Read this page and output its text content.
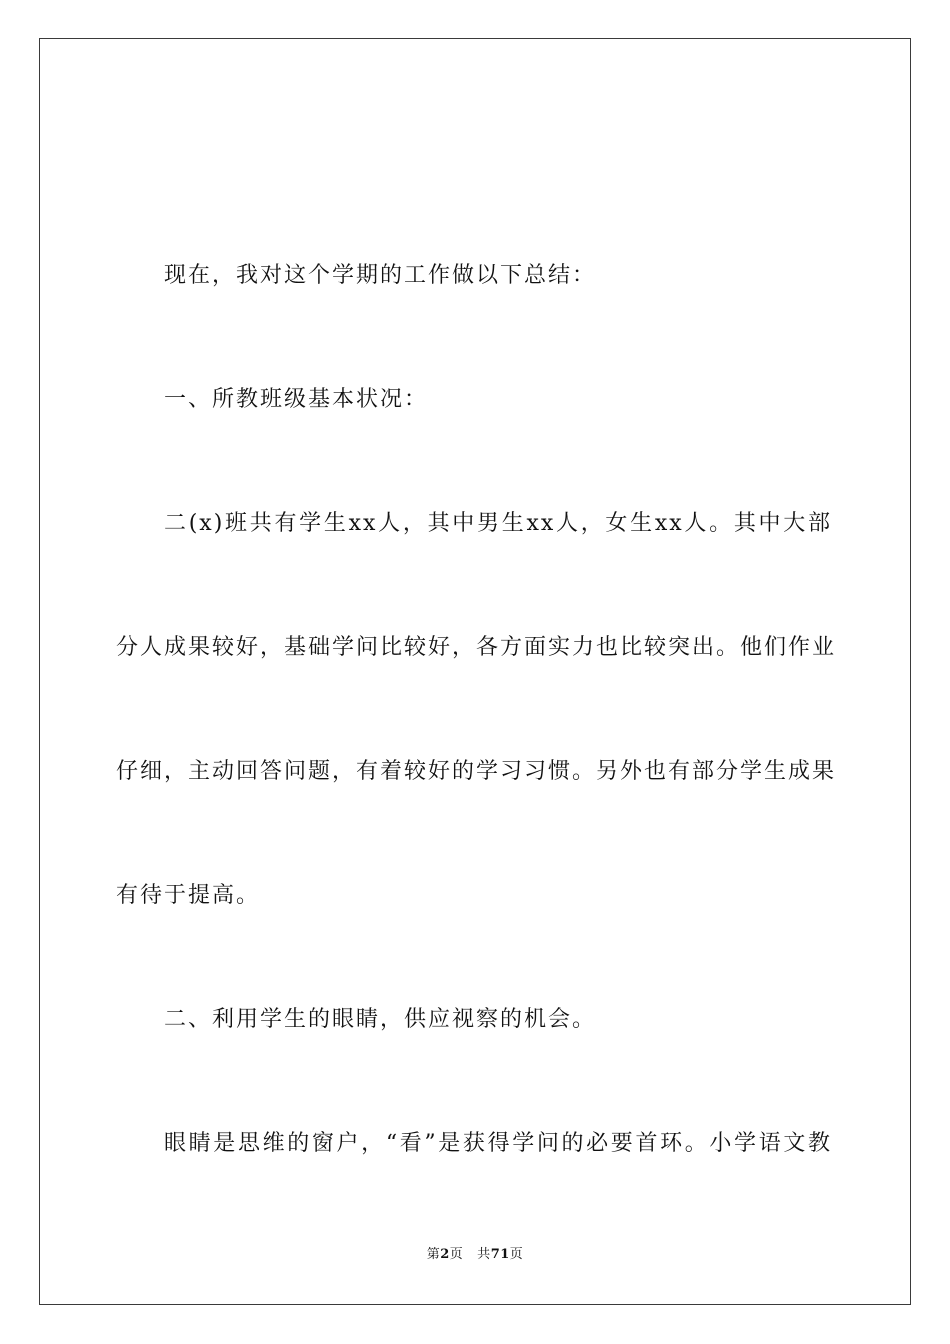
现在，我对这个学期的工作做以下总结：
一、所教班级基本状况：
二(x)班共有学生xx人，其中男生xx人，女生xx人。其中大部
分人成果较好，基础学问比较好，各方面实力也比较突出。他们作业
仔细，主动回答问题，有着较好的学习习惯。另外也有部分学生成果
有待于提高。
二、利用学生的眼睛，供应视察的机会。
眼睛是思维的窗户，“看”是获得学问的必要首环。小学语文教
第2页 共71页
